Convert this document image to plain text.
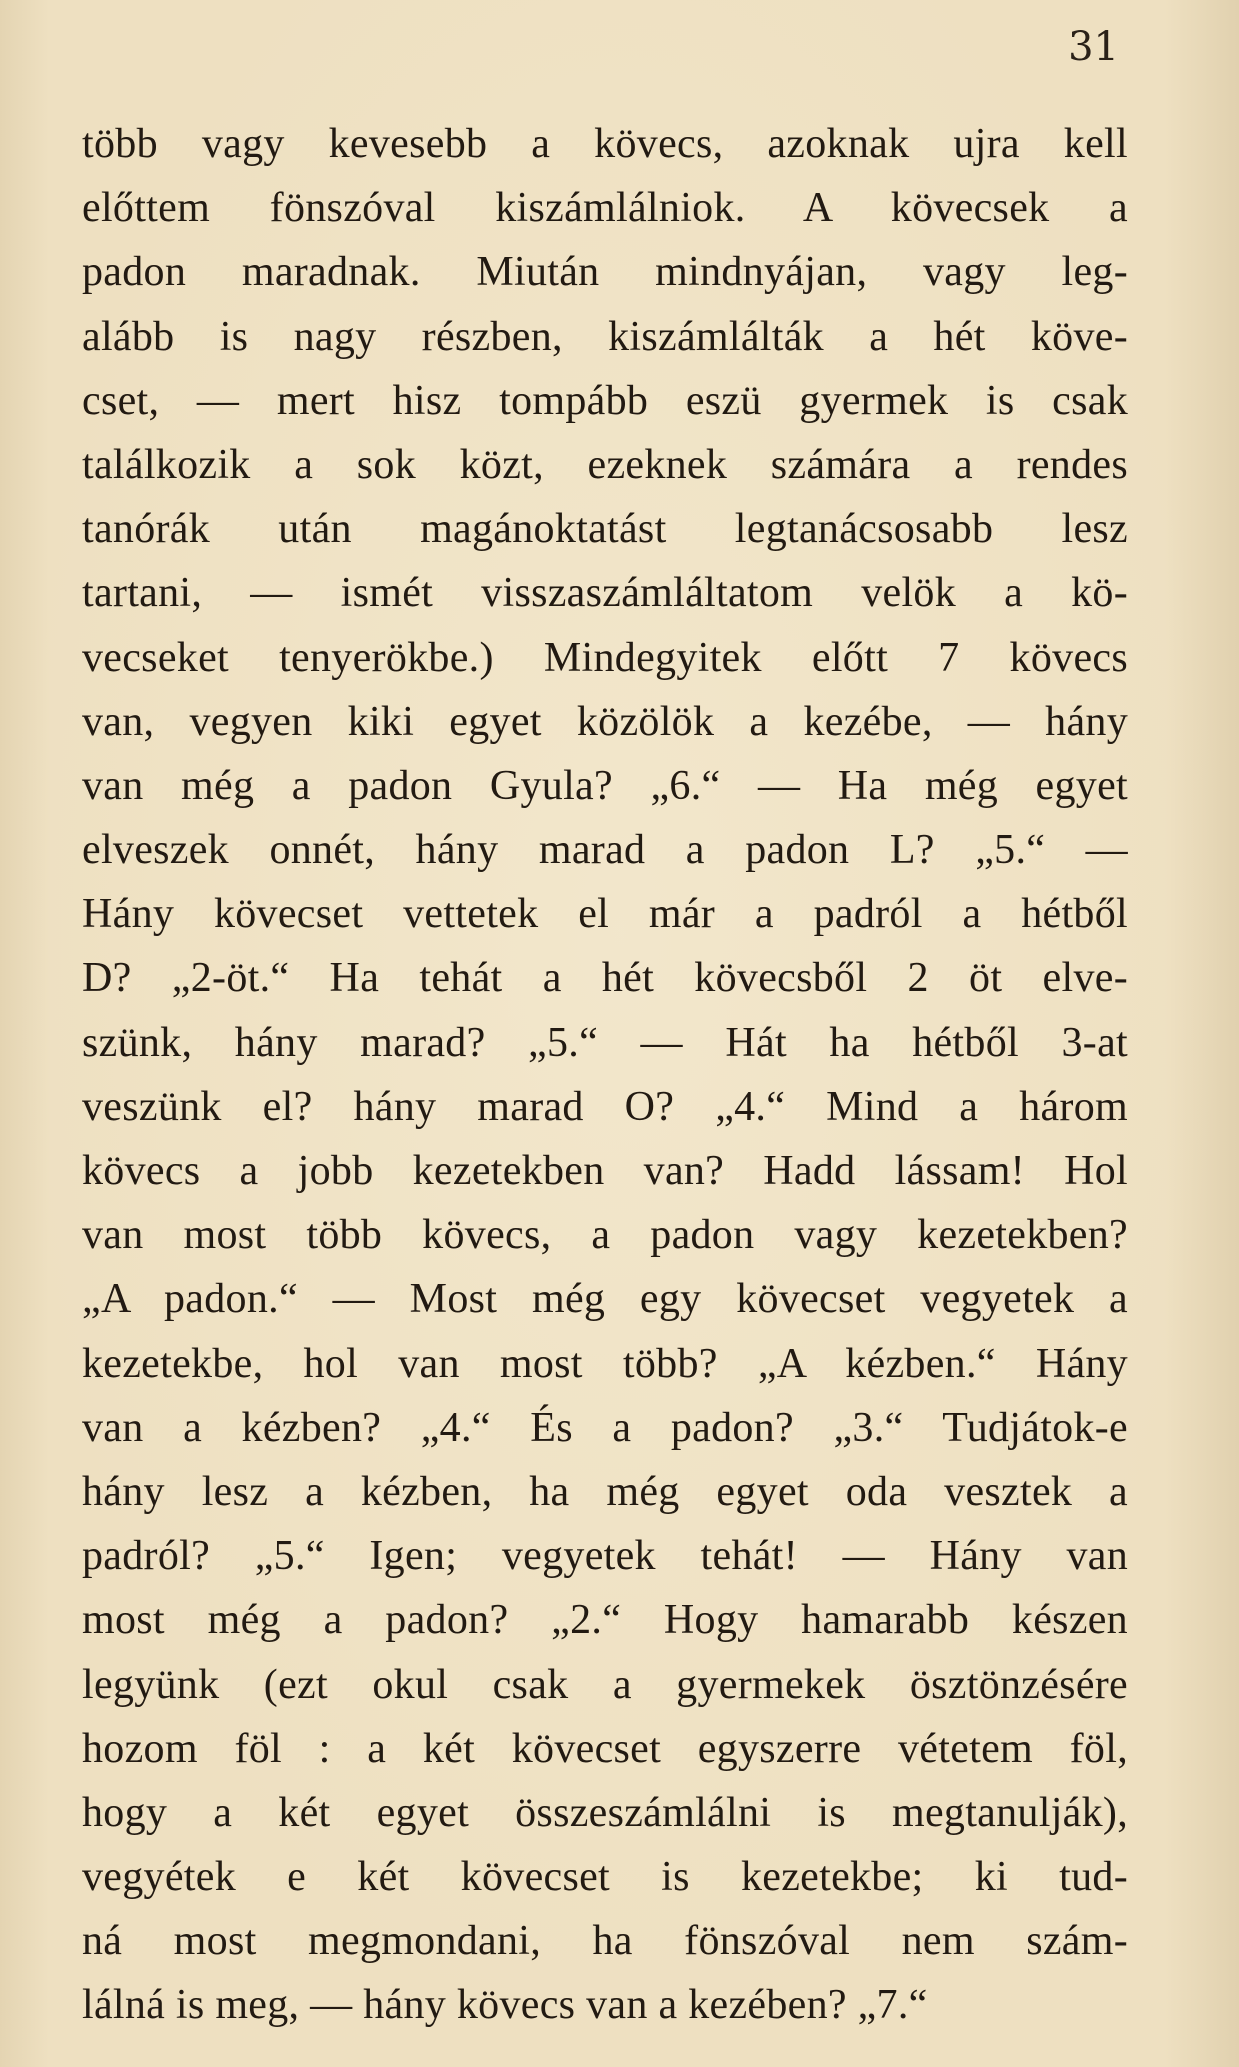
31

több vagy kevesebb a kövecs, azoknak ujra kell
előttem fönszóval kiszámlálniok. A kövecsek a
padon maradnak. Miután mindnyájan, vagy leg-
alább is nagy részben, kiszámlálták a hét köve-
cset, — mert hisz tompább eszü gyermek is csak
találkozik a sok közt, ezeknek számára a rendes
tanórák után magánoktatást legtanácsosabb lesz
tartani, — ismét visszaszámláltatom velök a kö-
vecseket tenyerökbe.) Mindegyitek előtt 7 kövecs
van, vegyen kiki egyet közölök a kezébe, — hány
van még a padon Gyula? „6.“ — Ha még egyet
elveszek onnét, hány marad a padon L? „5.“ —
Hány kövecset vettetek el már a padról a hétből
D? „2-öt.“ Ha tehát a hét kövecsből 2 öt elve-
szünk, hány marad? „5.“ — Hát ha hétből 3-at
veszünk el? hány marad O? „4.“ Mind a három
kövecs a jobb kezetekben van? Hadd lássam! Hol
van most több kövecs, a padon vagy kezetekben?
„A padon.“ — Most még egy kövecset vegyetek a
kezetekbe, hol van most több? „A kézben.“ Hány
van a kézben? „4.“ És a padon? „3.“ Tudjátok-e
hány lesz a kézben, ha még egyet oda vesztek a
padról? „5.“ Igen; vegyetek tehát! — Hány van
most még a padon? „2.“ Hogy hamarabb készen
legyünk (ezt okul csak a gyermekek ösztönzésére
hozom föl : a két kövecset egyszerre vétetem föl,
hogy a két egyet összeszámlálni is megtanulják),
vegyétek e két kövecset is kezetekbe; ki tud-
ná most megmondani, ha fönszóval nem szám-
lálná is meg, — hány kövecs van a kezében? „7.“
